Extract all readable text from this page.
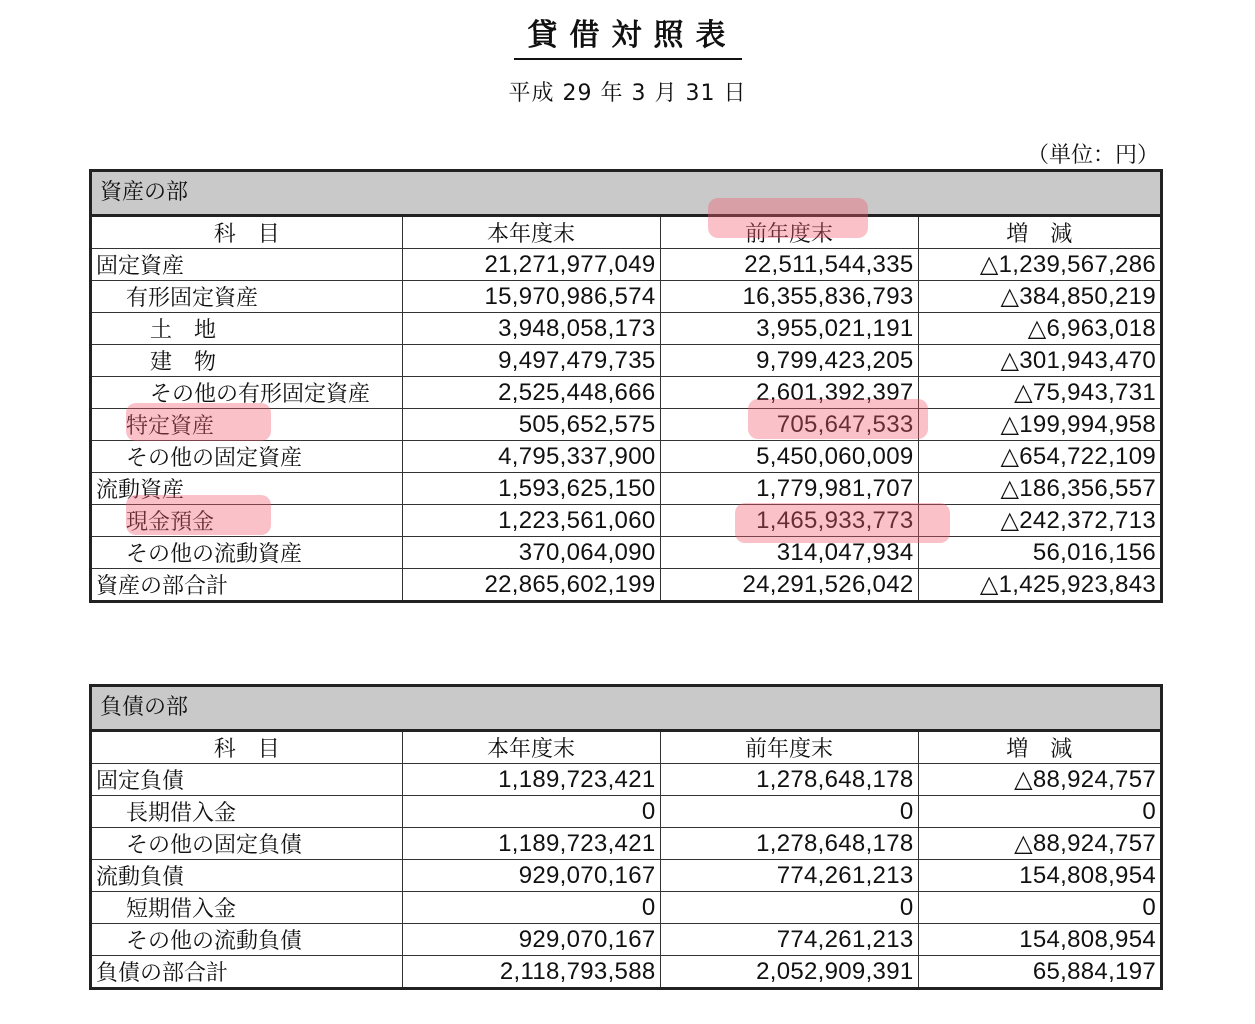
貸借対照表
平成 29 年 3 月 31 日
（単位：円）
資産の部
科　目	本年度末	前年度末	増　減
固定資産	21,271,977,049	22,511,544,335	△1,239,567,286
有形固定資産	15,970,986,574	16,355,836,793	△384,850,219
土　地	3,948,058,173	3,955,021,191	△6,963,018
建　物	9,497,479,735	9,799,423,205	△301,943,470
その他の有形固定資産	2,525,448,666	2,601,392,397	△75,943,731
特定資産	505,652,575	705,647,533	△199,994,958
その他の固定資産	4,795,337,900	5,450,060,009	△654,722,109
流動資産	1,593,625,150	1,779,981,707	△186,356,557
現金預金	1,223,561,060	1,465,933,773	△242,372,713
その他の流動資産	370,064,090	314,047,934	56,016,156
資産の部合計	22,865,602,199	24,291,526,042	△1,425,923,843
負債の部
科　目	本年度末	前年度末	増　減
固定負債	1,189,723,421	1,278,648,178	△88,924,757
長期借入金	0	0	0
その他の固定負債	1,189,723,421	1,278,648,178	△88,924,757
流動負債	929,070,167	774,261,213	154,808,954
短期借入金	0	0	0
その他の流動負債	929,070,167	774,261,213	154,808,954
負債の部合計	2,118,793,588	2,052,909,391	65,884,197
